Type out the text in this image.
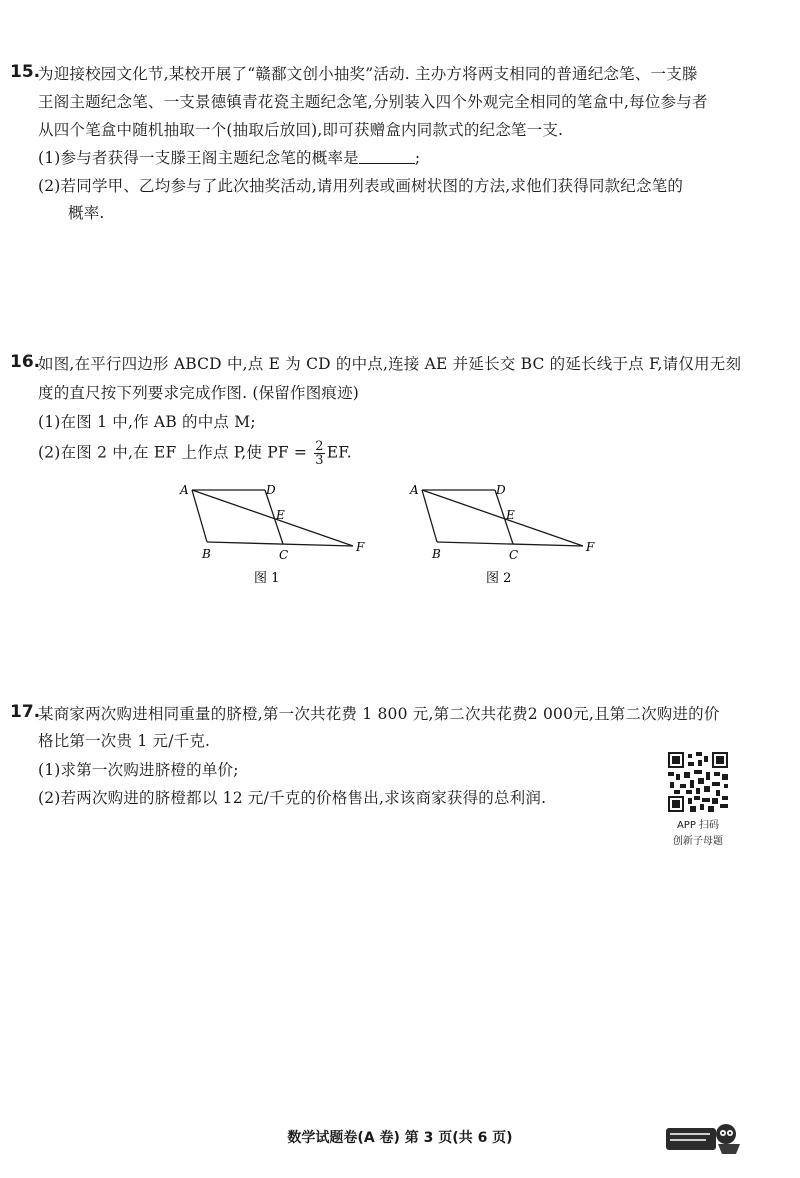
15.
为迎接校园文化节,某校开展了“赣鄱文创小抽奖”活动. 主办方将两支相同的普通纪念笔、一支滕
王阁主题纪念笔、一支景德镇青花瓷主题纪念笔,分别装入四个外观完全相同的笔盒中,每位参与者
从四个笔盒中随机抽取一个(抽取后放回),即可获赠盒内同款式的纪念笔一支.
(1)参与者获得一支滕王阁主题纪念笔的概率是	;
(2)若同学甲、乙均参与了此次抽奖活动,请用列表或画树状图的方法,求他们获得同款纪念笔的
概率.
16.
如图,在平行四边形 ABCD 中,点 E 为 CD 的中点,连接 AE 并延长交 BC 的延长线于点 F,请仅用无刻
度的直尺按下列要求完成作图. (保留作图痕迹)
(1)在图 1 中,作 AB 的中点 M;
(2)在图 2 中,在 EF 上作点 P,使 PF = $\frac{2}{3}$ EF.
A	D
E
B	C
F
图 1
A	D
E
B	C
F
图 2
17.
某商家两次购进相同重量的脐橙,第一次共花费 1 800 元,第二次共花费2 000元,且第二次购进的价
格比第一次贵 1 元/千克.
(1)求第一次购进脐橙的单价;
(2)若两次购进的脐橙都以 12 元/千克的价格售出,求该商家获得的总利润.
APP 扫码
创新子母题
数学试题卷(A 卷) 第 3 页(共 6 页)
